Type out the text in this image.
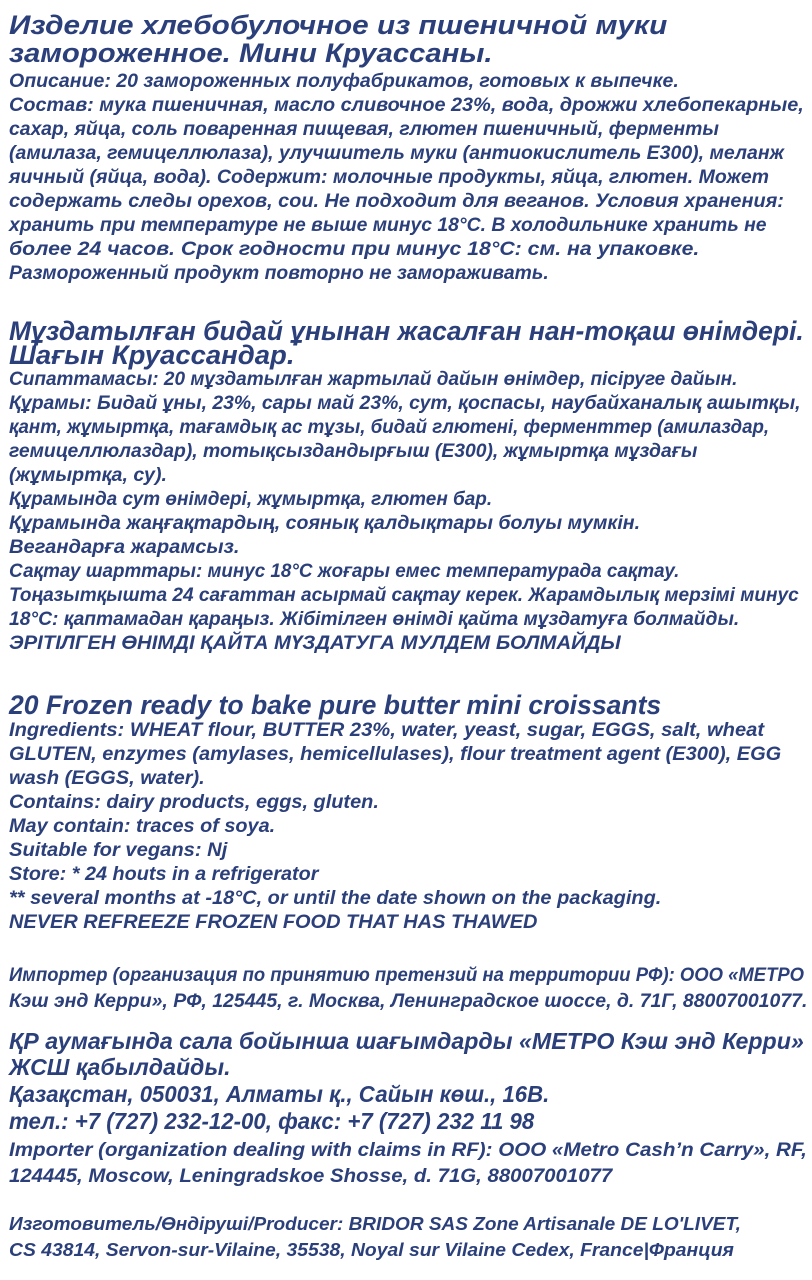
Изделие хлебобулочное из пшеничной муки
замороженное. Мини Круассаны.
Описание: 20 замороженных полуфабрикатов, готовых к выпечке.
Состав: мука пшеничная, масло сливочное 23%, вода, дрожжи хлебопекарные,
сахар, яйца, соль поваренная пищевая, глютен пшеничный, ферменты
(амилаза, гемицеллюлаза), улучшитель муки (антиокислитель Е300), меланж
яичный (яйца, вода). Содержит: молочные продукты, яйца, глютен. Может
содержать следы орехов, сои. Не подходит для веганов. Условия хранения:
хранить при температуре не выше минус 18°С. В холодильнике хранить не
более 24 часов. Срок годности при минус 18°С: см. на упаковке.
Размороженный продукт повторно не замораживать.
Мұздатылған бидай ұнынан жасалған нан-тоқаш өнімдері.
Шағын Круассандар.
Сипаттамасы: 20 мұздатылған жартылай дайын өнімдер, пісіруге дайын.
Құрамы: Бидай ұны, 23%, сары май 23%, сут, қоспасы, наубайханалық ашытқы,
қант, жұмыртқа, тағамдық ас тұзы, бидай глютені, ферменттер (амилаздар,
гемицеллюлаздар), тотықсыздандырғыш (Е300), жұмыртқа мұздағы
(жұмыртқа, су).
Құрамында сут өнімдері, жұмыртқа, глютен бар.
Құрамында жаңғақтардың, соянық қалдықтары болуы мумкін.
Вегандарға жарамсыз.
Сақтау шарттары: минус 18°С жоғары емес температурада сақтау.
Тоңазытқышта 24 сағаттан асырмай сақтау керек. Жарамдылық мерзімі минус
18°С: қаптамадан қараңыз. Жібітілген өнімді қайта мұздатуға болмайды.
ЭРІТІЛГЕН ӨНІМДІ ҚАЙТА МҮЗДАТУГА МУЛДЕМ БОЛМАЙДЫ
20 Frozen ready to bake pure butter mini croissants
Ingredients: WHEAT flour, BUTTER 23%, water, yeast, sugar, EGGS, salt, wheat
GLUTEN, enzymes (amylases, hemicellulases), flour treatment agent (E300), EGG
wash (EGGS, water).
Contains: dairy products, eggs, gluten.
May contain: traces of soya.
Suitable for vegans: Nj
Store: * 24 houts in a refrigerator
** several months at -18°C, or until the date shown on the packaging.
NEVER REFREEZE FROZEN FOOD THAT HAS THAWED
Импортер (организация по принятию претензий на территории РФ): ООО «МЕТРО
Кэш энд Керри», РФ, 125445, г. Москва, Ленинградское шоссе, д. 71Г, 88007001077.
ҚР аумағында сала бойынша шағымдарды «МЕТРО Кэш энд Керри»
ЖСШ қабылдайды.
Қазақстан, 050031, Алматы қ., Сайын көш., 16В.
тел.: +7 (727) 232-12-00, факс: +7 (727) 232 11 98
Importer (organization dealing with claims in RF): OOO «Metro Cash’n Carry», RF,
124445, Moscow, Leningradskoe Shosse, d. 71G, 88007001077
Изготовитель/Өндіруші/Producer: BRIDOR SAS Zone Artisanale DE LO'LIVET,
CS 43814, Servon-sur-Vilaine, 35538, Noyal sur Vilaine Cedex, France|Франция
